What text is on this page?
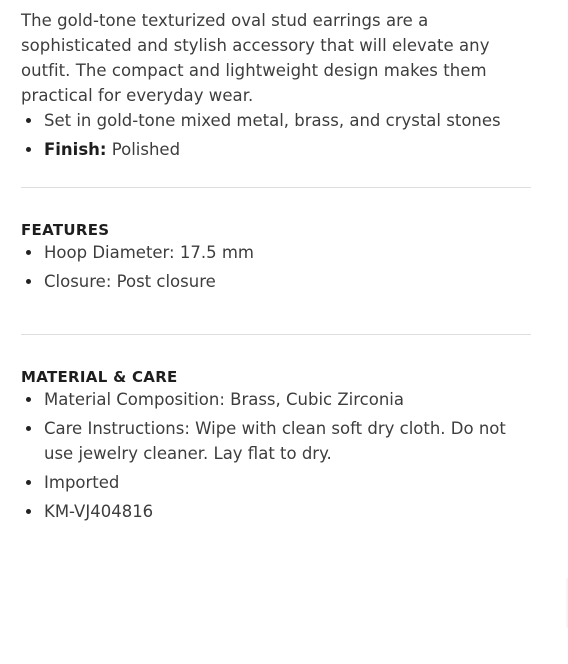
The gold-tone texturized oval stud earrings are a sophisticated and stylish accessory that will elevate any outfit. The compact and lightweight design makes them practical for everyday wear.

Set in gold-tone mixed metal, brass, and crystal stones
Finish: Polished
FEATURES
Hoop Diameter: 17.5 mm
Closure: Post closure
MATERIAL & CARE
Material Composition: Brass, Cubic Zirconia
Care Instructions: Wipe with clean soft dry cloth. Do not use jewelry cleaner. Lay flat to dry.
Imported
KM-VJ404816
